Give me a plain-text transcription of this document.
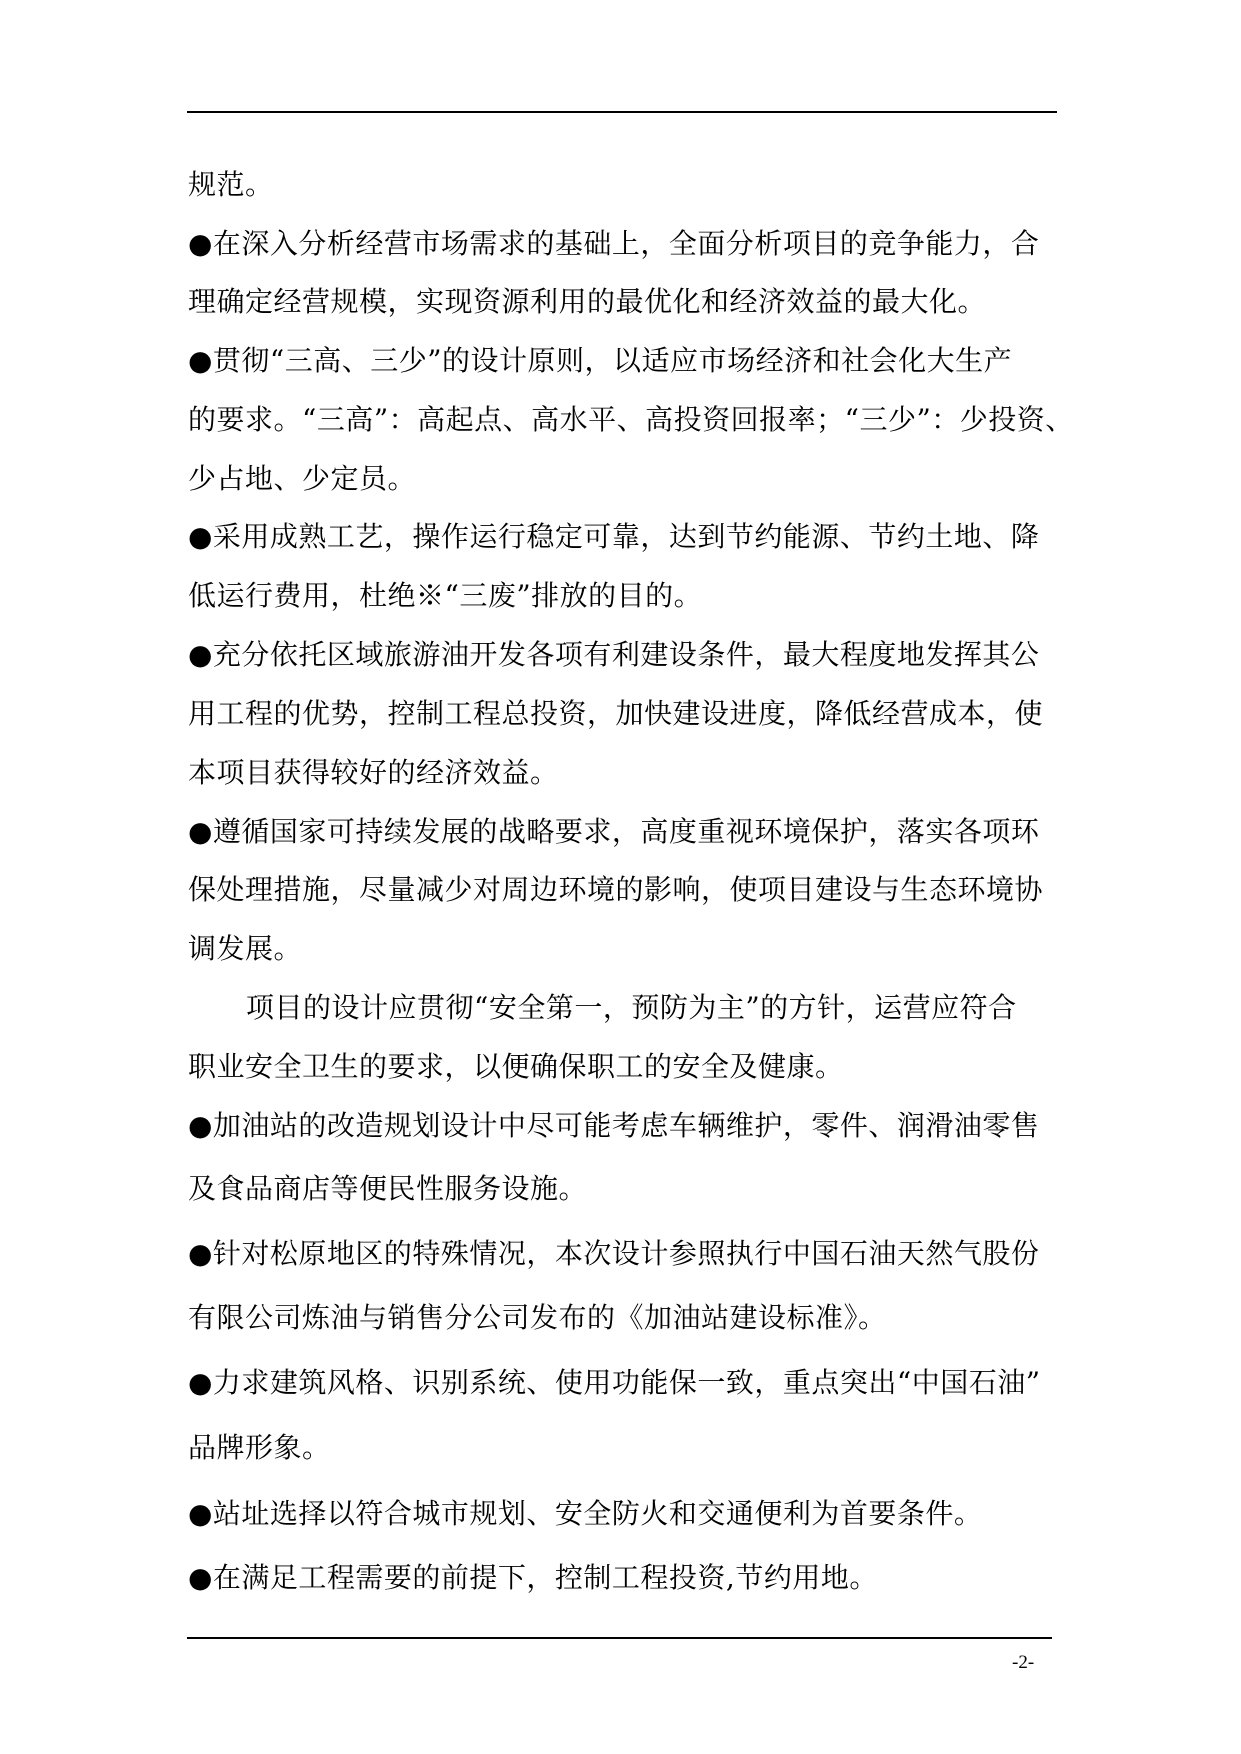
规范。
●在深入分析经营市场需求的基础上，全面分析项目的竞争能力，合
理确定经营规模，实现资源利用的最优化和经济效益的最大化。
●贯彻“三高、三少”的设计原则，以适应市场经济和社会化大生产
的要求。“三高”：高起点、高水平、高投资回报率；“三少”：少投资、
少占地、少定员。
●采用成熟工艺，操作运行稳定可靠，达到节约能源、节约土地、降
低运行费用，杜绝※“三废”排放的目的。
●充分依托区域旅游油开发各项有利建设条件，最大程度地发挥其公
用工程的优势，控制工程总投资，加快建设进度，降低经营成本，使
本项目获得较好的经济效益。
●遵循国家可持续发展的战略要求，高度重视环境保护，落实各项环
保处理措施，尽量减少对周边环境的影响，使项目建设与生态环境协
调发展。
项目的设计应贯彻“安全第一，预防为主”的方针，运营应符合
职业安全卫生的要求，以便确保职工的安全及健康。
●加油站的改造规划设计中尽可能考虑车辆维护，零件、润滑油零售
及食品商店等便民性服务设施。
●针对松原地区的特殊情况，本次设计参照执行中国石油天然气股份
有限公司炼油与销售分公司发布的《加油站建设标准》。
●力求建筑风格、识别系统、使用功能保一致，重点突出“中国石油”
品牌形象。
●站址选择以符合城市规划、安全防火和交通便利为首要条件。
●在满足工程需要的前提下，控制工程投资,节约用地。
-2-
